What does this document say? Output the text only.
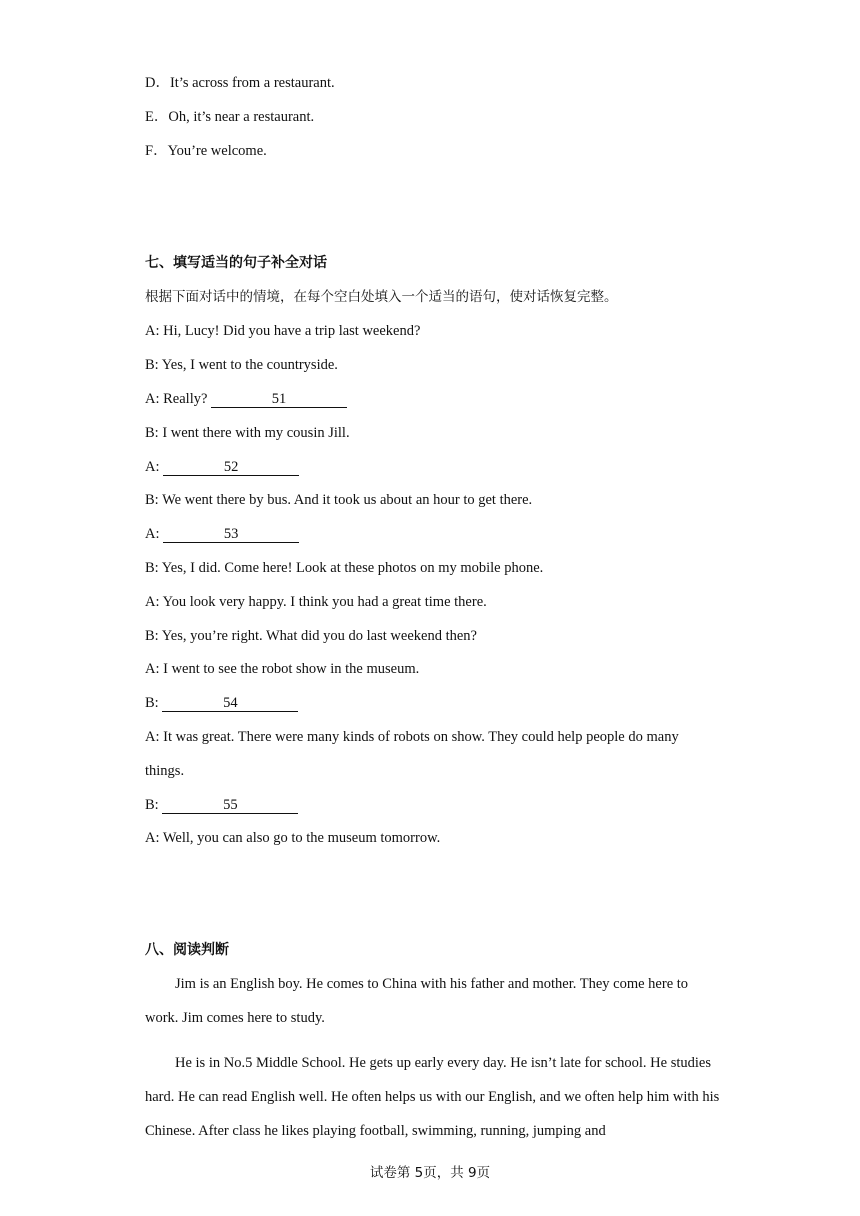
D．It’s across from a restaurant.
E．Oh, it’s near a restaurant.
F．You’re welcome.
七、填写适当的句子补全对话
根据下面对话中的情境，在每个空白处填入一个适当的语句，使对话恢复完整。
A: Hi, Lucy! Did you have a trip last weekend?
B: Yes, I went to the countryside.
A: Really?	51
B: I went there with my cousin Jill.
A:	52
B: We went there by bus. And it took us about an hour to get there.
A:	53
B: Yes, I did. Come here! Look at these photos on my mobile phone.
A: You look very happy. I think you had a great time there.
B: Yes, you’re right. What did you do last weekend then?
A: I went to see the robot show in the museum.
B:	54
A: It was great. There were many kinds of robots on show. They could help people do many
things.
B:	55
A: Well, you can also go to the museum tomorrow.
八、阅读判断

Jim is an English boy. He comes to China with his father and mother. They come here to work. Jim comes here to study.

He is in No.5 Middle School. He gets up early every day. He isn’t late for school. He studies hard. He can read English well. He often helps us with our English, and we often help him with his Chinese. After class he likes playing football, swimming, running, jumping and

试卷第 5页，共 9页
